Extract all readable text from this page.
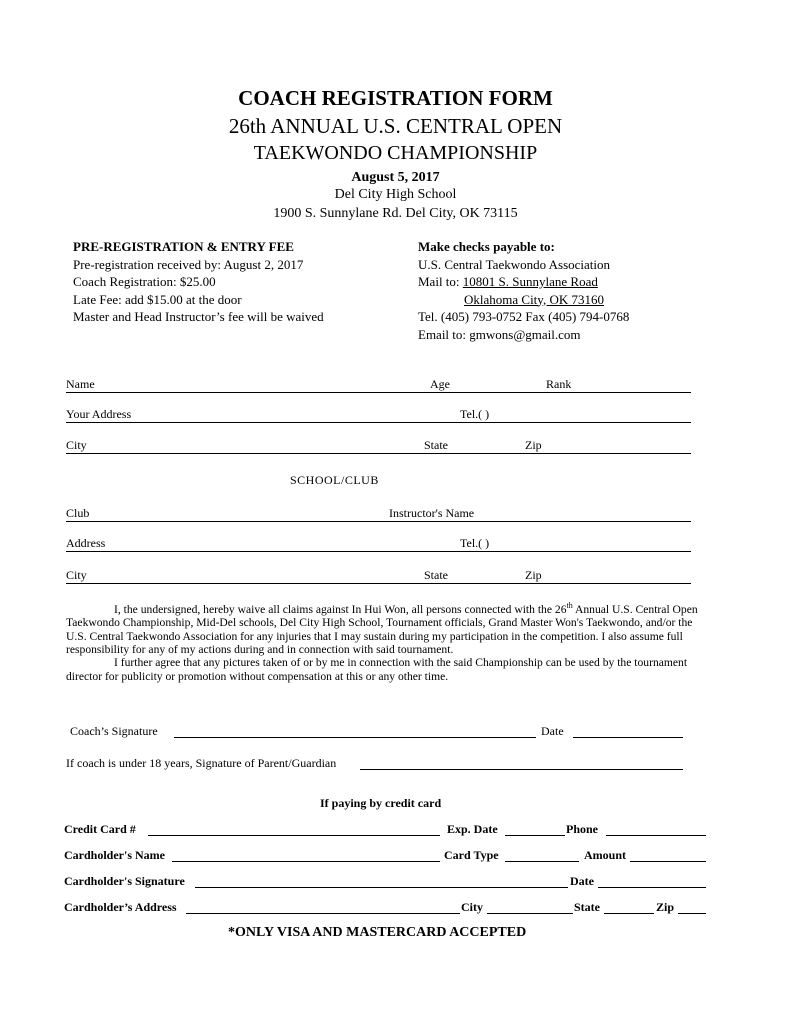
COACH REGISTRATION FORM
26th ANNUAL U.S. CENTRAL OPEN
TAEKWONDO CHAMPIONSHIP
August 5, 2017
Del City High School
1900 S. Sunnylane Rd. Del City, OK 73115
PRE-REGISTRATION & ENTRY FEE
Pre-registration received by: August 2, 2017
Coach Registration: $25.00
Late Fee: add $15.00 at the door
Master and Head Instructor’s fee will be waived
Make checks payable to:
U.S. Central Taekwondo Association
Mail to: 10801 S. Sunnylane Road
Oklahoma City, OK 73160
Tel. (405) 793-0752 Fax (405) 794-0768
Email to: gmwons@gmail.com
Name	Age	Rank
Your Address	Tel.( )
City	State	Zip
SCHOOL/CLUB
Club	Instructor's Name
Address	Tel.( )
City	State	Zip

I, the undersigned, hereby waive all claims against In Hui Won, all persons connected with the 26th Annual U.S. Central Open Taekwondo Championship, Mid-Del schools, Del City High School, Tournament officials, Grand Master Won's Taekwondo, and/or the U.S. Central Taekwondo Association for any injuries that I may sustain during my participation in the competition. I also assume full responsibility for any of my actions during and in connection with said tournament.

I further agree that any pictures taken of or by me in connection with the said Championship can be used by the tournament director for publicity or promotion without compensation at this or any other time.

Coach’s Signature	Date
If coach is under 18 years, Signature of Parent/Guardian
If paying by credit card
Credit Card #	Exp. Date	Phone
Cardholder's Name	Card Type	Amount
Cardholder's Signature	Date
Cardholder’s Address	City	State	Zip
*ONLY VISA AND MASTERCARD ACCEPTED
